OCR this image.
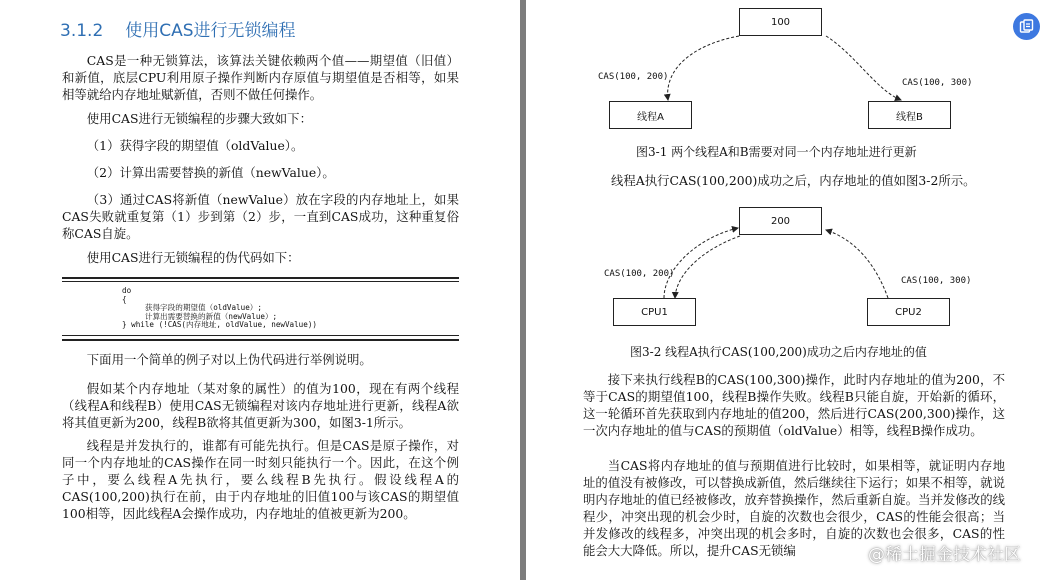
3.1.2 使用CAS进行无锁编程

CAS是一种无锁算法，该算法关键依赖两个值——期望值（旧值）和新值，底层CPU利用原子操作判断内存原值与期望值是否相等，如果相等就给内存地址赋新值，否则不做任何操作。

使用CAS进行无锁编程的步骤大致如下：

（1）获得字段的期望值（oldValue）。

（2）计算出需要替换的新值（newValue）。

（3）通过CAS将新值（newValue）放在字段的内存地址上，如果CAS失败就重复第（1）步到第（2）步，一直到CAS成功，这种重复俗称CAS自旋。

使用CAS进行无锁编程的伪代码如下：

do
{
获得字段的期望值（oldValue）;
计算出需要替换的新值（newValue）;
} while (!CAS(内存地址, oldValue, newValue))

下面用一个简单的例子对以上伪代码进行举例说明。

假如某个内存地址（某对象的属性）的值为100，现在有两个线程（线程A和线程B）使用CAS无锁编程对该内存地址进行更新，线程A欲将其值更新为200，线程B欲将其值更新为300，如图3-1所示。

线程是并发执行的，谁都有可能先执行。但是CAS是原子操作，对同一个内存地址的CAS操作在同一时刻只能执行一个。因此，在这个例子中，要么线程A先执行，要么线程B先执行。假设线程A的CAS(100,200)执行在前，由于内存地址的旧值100与该CAS的期望值100相等，因此线程A会操作成功，内存地址的值被更新为200。

100
CAS(100, 200)
CAS(100, 300)
线程A	线程B
图3-1 两个线程A和B需要对同一个内存地址进行更新
线程A执行CAS(100,200)成功之后，内存地址的值如图3-2所示。
200
CAS(100, 200)
CAS(100, 300)
CPU1	CPU2
图3-2 线程A执行CAS(100,200)成功之后内存地址的值

接下来执行线程B的CAS(100,300)操作，此时内存地址的值为200，不等于CAS的期望值100，线程B操作失败。线程B只能自旋，开始新的循环，这一轮循环首先获取到内存地址的值200，然后进行CAS(200,300)操作，这一次内存地址的值与CAS的预期值（oldValue）相等，线程B操作成功。

当CAS将内存地址的值与预期值进行比较时，如果相等，就证明内存地址的值没有被修改，可以替换成新值，然后继续往下运行；如果不相等，就说明内存地址的值已经被修改，放弃替换操作，然后重新自旋。当并发修改的线程少，冲突出现的机会少时，自旋的次数也会很少，CAS的性能会很高；当并发修改的线程多，冲突出现的机会多时，自旋的次数也会很多，CAS的性能会大大降低。所以，提升CAS无锁编	@稀土掘金技术社区
